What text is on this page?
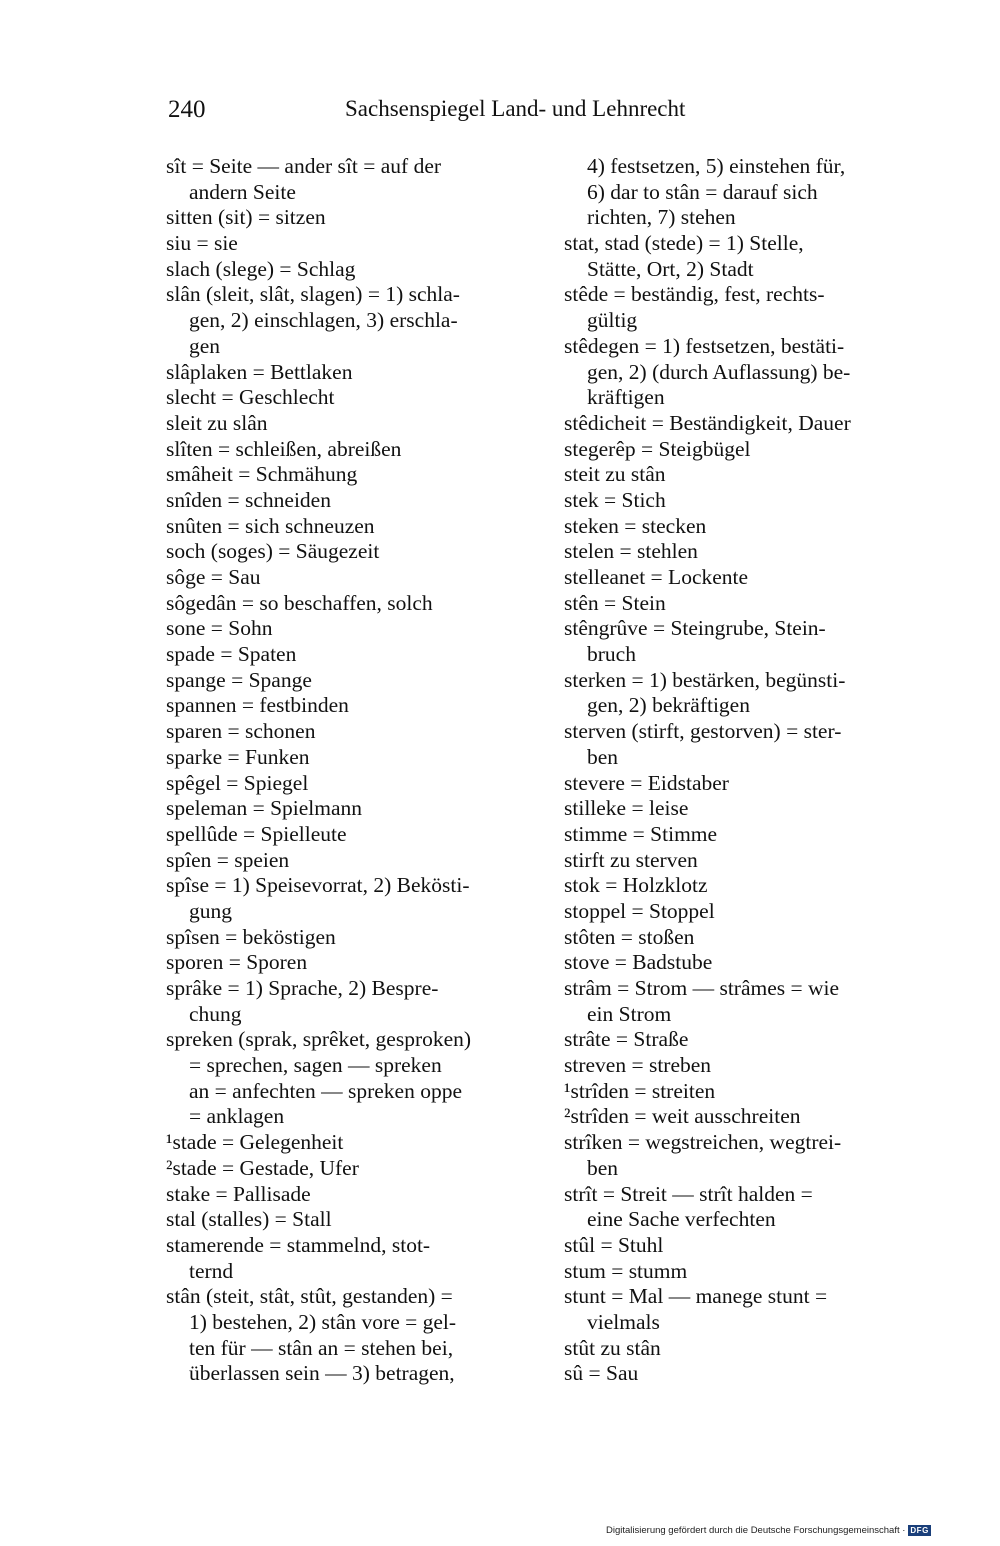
240	Sachsenspiegel Land- und Lehnrecht
sît = Seite — ander sît = auf der
andern Seite
sitten (sit) = sitzen
siu = sie
slach (slege) = Schlag
slân (sleit, slât, slagen) = 1) schla-
gen, 2) einschlagen, 3) erschla-
gen
slâplaken = Bettlaken
slecht = Geschlecht
sleit zu slân
slîten = schleißen, abreißen
smâheit = Schmähung
snîden = schneiden
snûten = sich schneuzen
soch (soges) = Säugezeit
sôge = Sau
sôgedân = so beschaffen, solch
sone = Sohn
spade = Spaten
spange = Spange
spannen = festbinden
sparen = schonen
sparke = Funken
spêgel = Spiegel
speleman = Spielmann
spellûde = Spielleute
spîen = speien
spîse = 1) Speisevorrat, 2) Beköstі-
gung
spîsen = beköstigen
sporen = Sporen
sprâke = 1) Sprache, 2) Bespre-
chung
spreken (sprak, sprêket, gesproken)
= sprechen, sagen — spreken
an = anfechten — spreken oppe
= anklagen
¹stade = Gelegenheit
²stade = Gestade, Ufer
stake = Pallisade
stal (stalles) = Stall
stamerende = stammelnd, stot-
ternd
stân (steit, stât, stût, gestanden) =
1) bestehen, 2) stân vore = gel-
ten für — stân an = stehen bei,
überlassen sein — 3) betragen,
4) festsetzen, 5) einstehen für,
6) dar to stân = darauf sich
richten, 7) stehen
stat, stad (stede) = 1) Stelle,
Stätte, Ort, 2) Stadt
stêde = beständig, fest, rechts-
gültig
stêdegen = 1) festsetzen, bestäti-
gen, 2) (durch Auflassung) be-
kräftigen
stêdicheit = Beständigkeit, Dauer
stegerêp = Steigbügel
steit zu stân
stek = Stich
steken = stecken
stelen = stehlen
stelleanet = Lockente
stên = Stein
stêngrûve = Steingrube, Stein-
bruch
sterken = 1) bestärken, begünsti-
gen, 2) bekräftigen
sterven (stirft, gestorven) = ster-
ben
stevere = Eidstaber
stilleke = leise
stimme = Stimme
stirft zu sterven
stok = Holzklotz
stoppel = Stoppel
stôten = stoßen
stove = Badstube
strâm = Strom — strâmes = wie
ein Strom
strâte = Straße
streven = streben
¹strîden = streiten
²strîden = weit ausschreiten
strîken = wegstreichen, wegtrei-
ben
strît = Streit — strît halden =
eine Sache verfechten
stûl = Stuhl
stum = stumm
stunt = Mal — manege stunt =
vielmals
stût zu stân
sû = Sau
Digitalisierung gefördert durch die Deutsche Forschungsgemeinschaft · DFG
